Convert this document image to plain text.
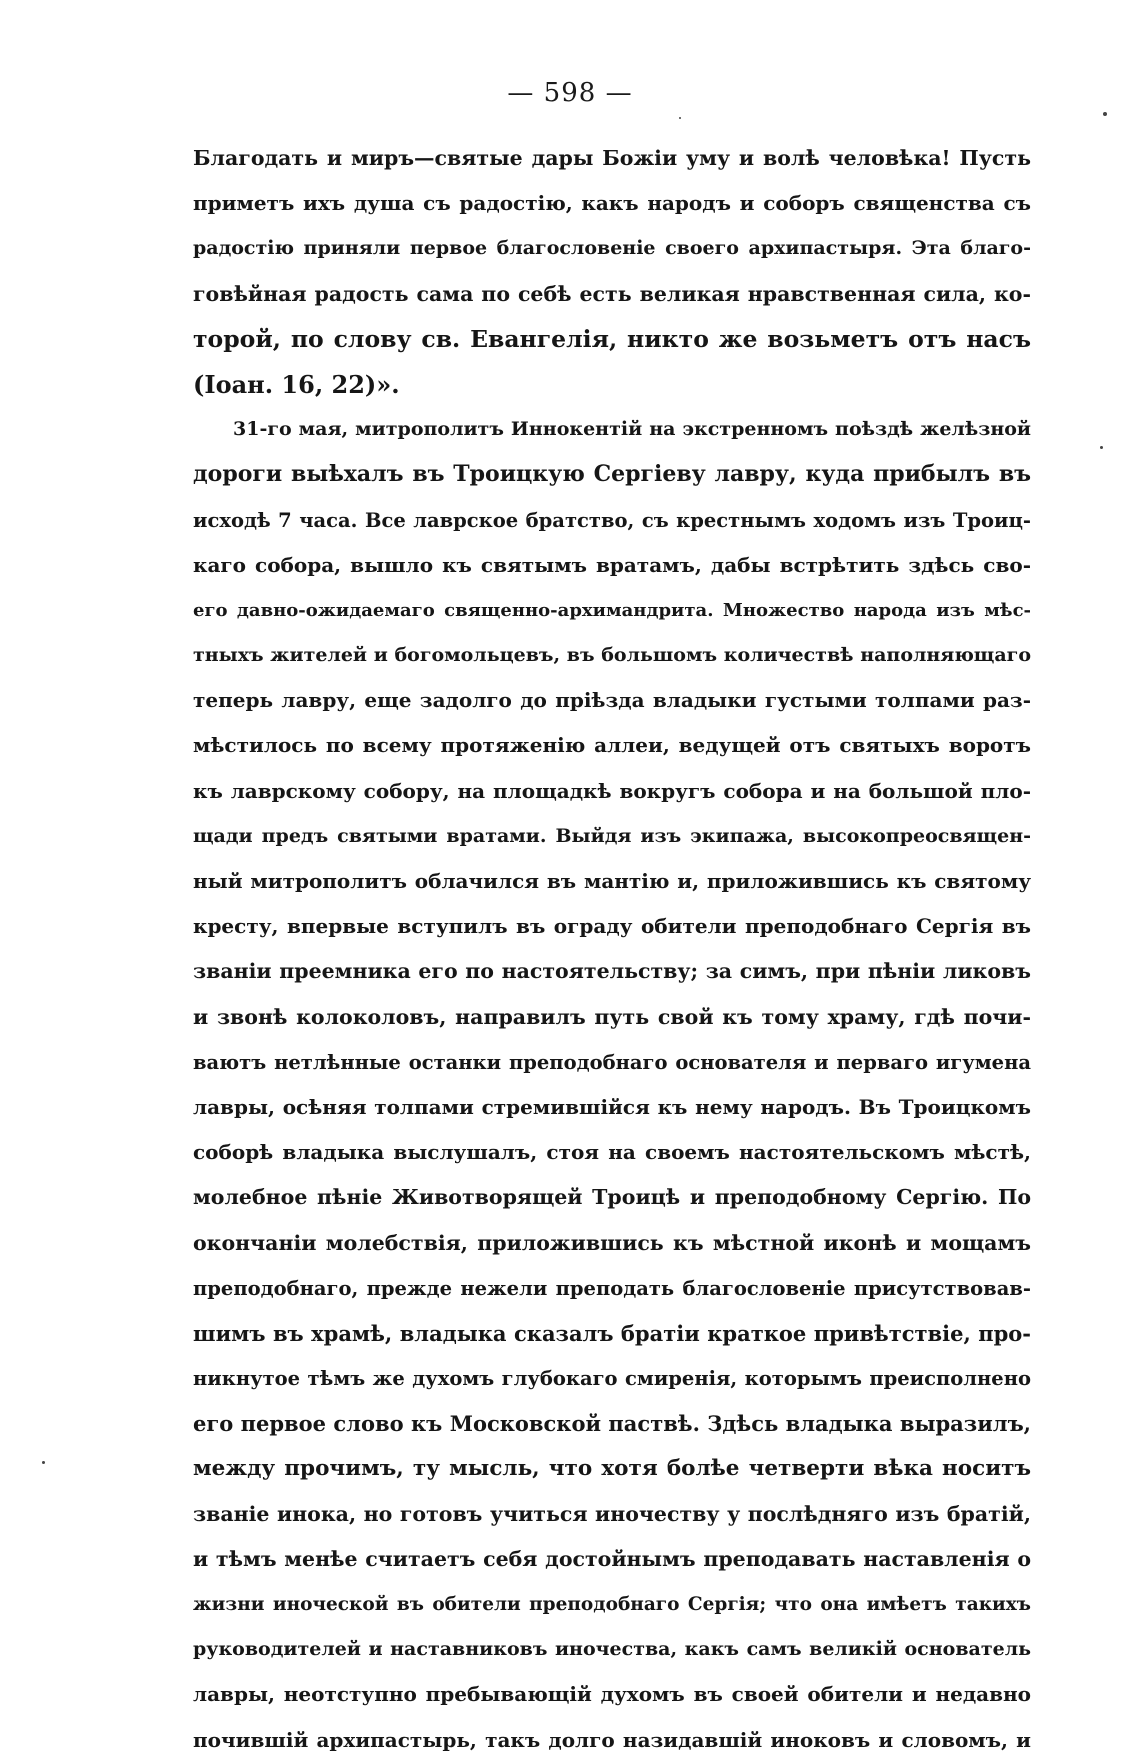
— 598 —
Благодать и миръ—святые дары Божіи уму и волѣ человѣка! Пусть
приметъ ихъ душа съ радостію, какъ народъ и соборъ священства съ
радостію приняли первое благословеніе своего архипастыря. Эта благо-
говѣйная радость сама по себѣ есть великая нравственная сила, ко-
торой, по слову св. Евангелія, никто же возьметъ отъ насъ
(Іоан. 16, 22)».
31-го мая, митрополитъ Иннокентій на экстренномъ поѣздѣ желѣзной
дороги выѣхалъ въ Троицкую Сергіеву лавру, куда прибылъ въ
исходѣ 7 часа. Все лаврское братство, съ крестнымъ ходомъ изъ Троиц-
каго собора, вышло къ святымъ вратамъ, дабы встрѣтить здѣсь сво-
его давно-ожидаемаго священно-архимандрита. Множество народа изъ мѣс-
тныхъ жителей и богомольцевъ, въ большомъ количествѣ наполняющаго
теперь лавру, еще задолго до пріѣзда владыки густыми толпами раз-
мѣстилось по всему протяженію аллеи, ведущей отъ святыхъ воротъ
къ лаврскому собору, на площадкѣ вокругъ собора и на большой пло-
щади предъ святыми вратами. Выйдя изъ экипажа, высокопреосвящен-
ный митрополитъ облачился въ мантію и, приложившись къ святому
кресту, впервые вступилъ въ ограду обители преподобнаго Сергія въ
званіи преемника его по настоятельству; за симъ, при пѣніи ликовъ
и звонѣ колоколовъ, направилъ путь свой къ тому храму, гдѣ почи-
ваютъ нетлѣнные останки преподобнаго основателя и перваго игумена
лавры, осѣняя толпами стремившійся къ нему народъ. Въ Троицкомъ
соборѣ владыка выслушалъ, стоя на своемъ настоятельскомъ мѣстѣ,
молебное пѣніе Животворящей Троицѣ и преподобному Сергію. По
окончаніи молебствія, приложившись къ мѣстной иконѣ и мощамъ
преподобнаго, прежде нежели преподать благословеніе присутствовав-
шимъ въ храмѣ, владыка сказалъ братіи краткое привѣтствіе, про-
никнутое тѣмъ же духомъ глубокаго смиренія, которымъ преисполнено
его первое слово къ Московской паствѣ. Здѣсь владыка выразилъ,
между прочимъ, ту мысль, что хотя болѣе четверти вѣка носитъ
званіе инока, но готовъ учиться иночеству у послѣдняго изъ братій,
и тѣмъ менѣе считаетъ себя достойнымъ преподавать наставленія о
жизни иноческой въ обители преподобнаго Сергія; что она имѣетъ такихъ
руководителей и наставниковъ иночества, какъ самъ великій основатель
лавры, неотступно пребывающій духомъ въ своей обители и недавно
почившій архипастырь, такъ долго назидавшій иноковъ и словомъ, и
